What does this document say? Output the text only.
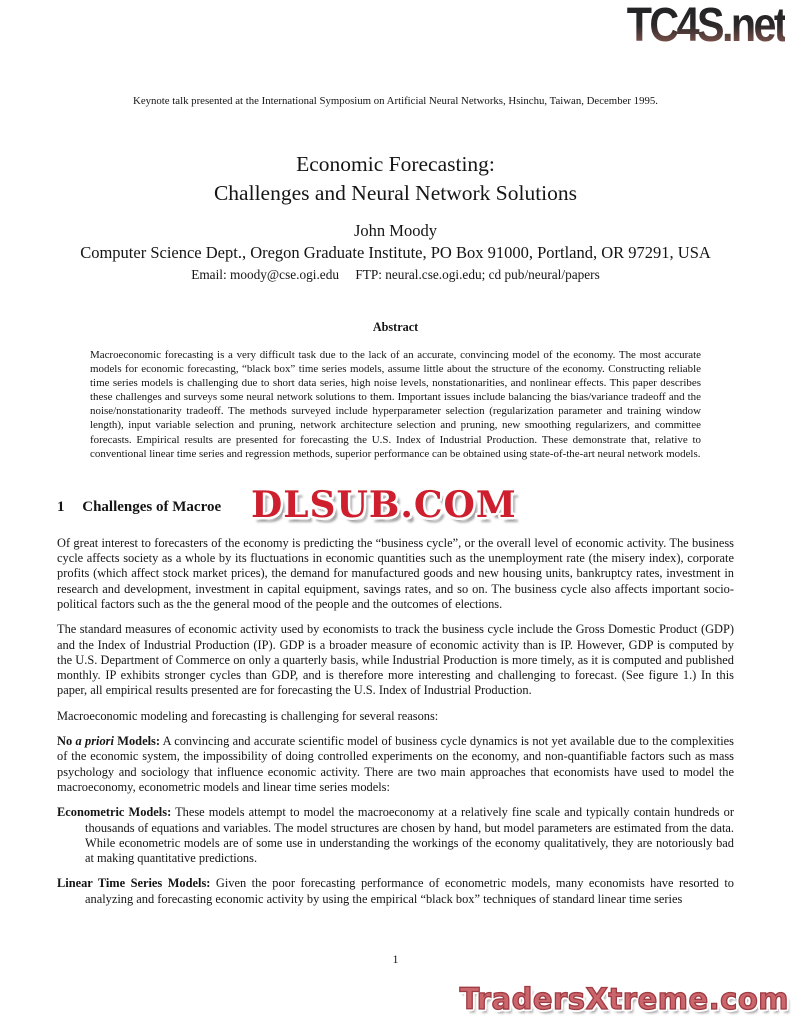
TC4S.net
Keynote talk presented at the International Symposium on Artificial Neural Networks, Hsinchu, Taiwan, December 1995.
Economic Forecasting:
Challenges and Neural Network Solutions
John Moody
Computer Science Dept., Oregon Graduate Institute, PO Box 91000, Portland, OR 97291, USA
Email: moody@cse.ogi.edu FTP: neural.cse.ogi.edu; cd pub/neural/papers
Abstract

Macroeconomic forecasting is a very difficult task due to the lack of an accurate, convincing model of the economy. The most accurate models for economic forecasting, “black box” time series models, assume little about the structure of the economy. Constructing reliable time series models is challenging due to short data series, high noise levels, nonstationarities, and nonlinear effects. This paper describes these challenges and surveys some neural network solutions to them. Important issues include balancing the bias/variance tradeoff and the noise/nonstationarity tradeoff. The methods surveyed include hyperparameter selection (regularization parameter and training window length), input variable selection and pruning, network architecture selection and pruning, new smoothing regularizers, and committee forecasts. Empirical results are presented for forecasting the U.S. Index of Industrial Production. These demonstrate that, relative to conventional linear time series and regression methods, superior performance can be obtained using state-of-the-art neural network models.

1 Challenges of Macroe

Of great interest to forecasters of the economy is predicting the “business cycle”, or the overall level of economic activity. The business cycle affects society as a whole by its fluctuations in economic quantities such as the unemployment rate (the misery index), corporate profits (which affect stock market prices), the demand for manufactured goods and new housing units, bankruptcy rates, investment in research and development, investment in capital equipment, savings rates, and so on. The business cycle also affects important socio-political factors such as the the general mood of the people and the outcomes of elections.

The standard measures of economic activity used by economists to track the business cycle include the Gross Domestic Product (GDP) and the Index of Industrial Production (IP). GDP is a broader measure of economic activity than is IP. However, GDP is computed by the U.S. Department of Commerce on only a quarterly basis, while Industrial Production is more timely, as it is computed and published monthly. IP exhibits stronger cycles than GDP, and is therefore more interesting and challenging to forecast. (See figure 1.) In this paper, all empirical results presented are for forecasting the U.S. Index of Industrial Production.

Macroeconomic modeling and forecasting is challenging for several reasons:

No a priori Models: A convincing and accurate scientific model of business cycle dynamics is not yet available due to the complexities of the economic system, the impossibility of doing controlled experiments on the economy, and non-quantifiable factors such as mass psychology and sociology that influence economic activity. There are two main approaches that economists have used to model the macroeconomy, econometric models and linear time series models:

Econometric Models: These models attempt to model the macroeconomy at a relatively fine scale and typically contain hundreds or thousands of equations and variables. The model structures are chosen by hand, but model parameters are estimated from the data. While econometric models are of some use in understanding the workings of the economy qualitatively, they are notoriously bad at making quantitative predictions.

Linear Time Series Models: Given the poor forecasting performance of econometric models, many economists have resorted to analyzing and forecasting economic activity by using the empirical “black box” techniques of standard linear time series

DLSUB.COM
1
TradersXtreme.com
